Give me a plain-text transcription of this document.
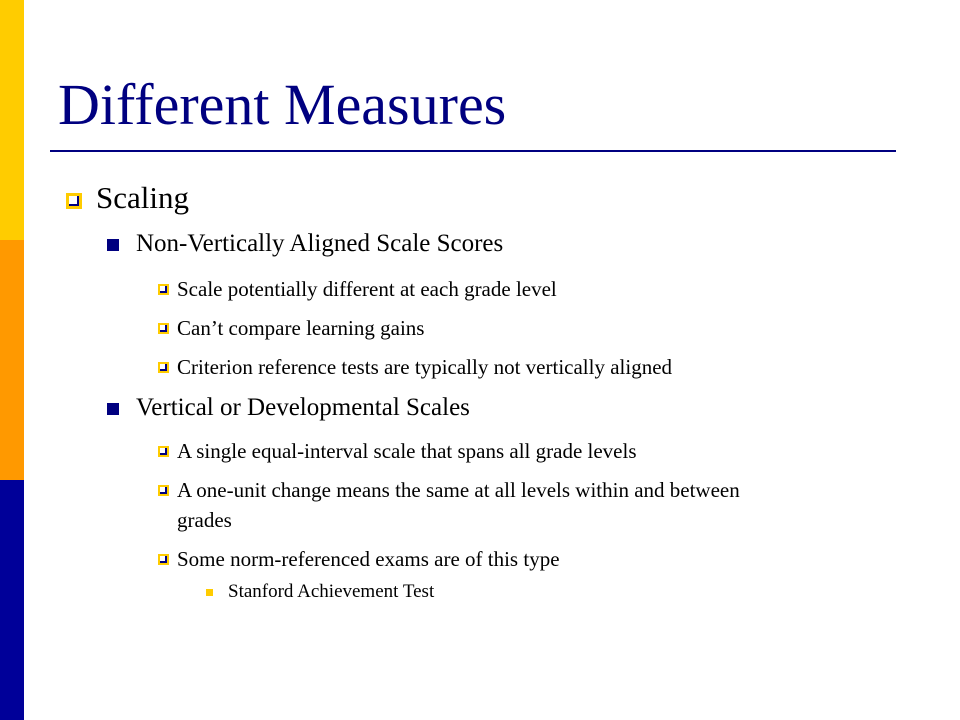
Different Measures
Scaling
Non-Vertically Aligned Scale Scores
Scale potentially different at each grade level
Can’t compare learning gains
Criterion reference tests are typically not vertically aligned
Vertical or Developmental Scales
A single equal-interval scale that spans all grade levels
A one-unit change means the same at all levels within and between
grades
Some norm-referenced exams are of this type
Stanford Achievement Test
